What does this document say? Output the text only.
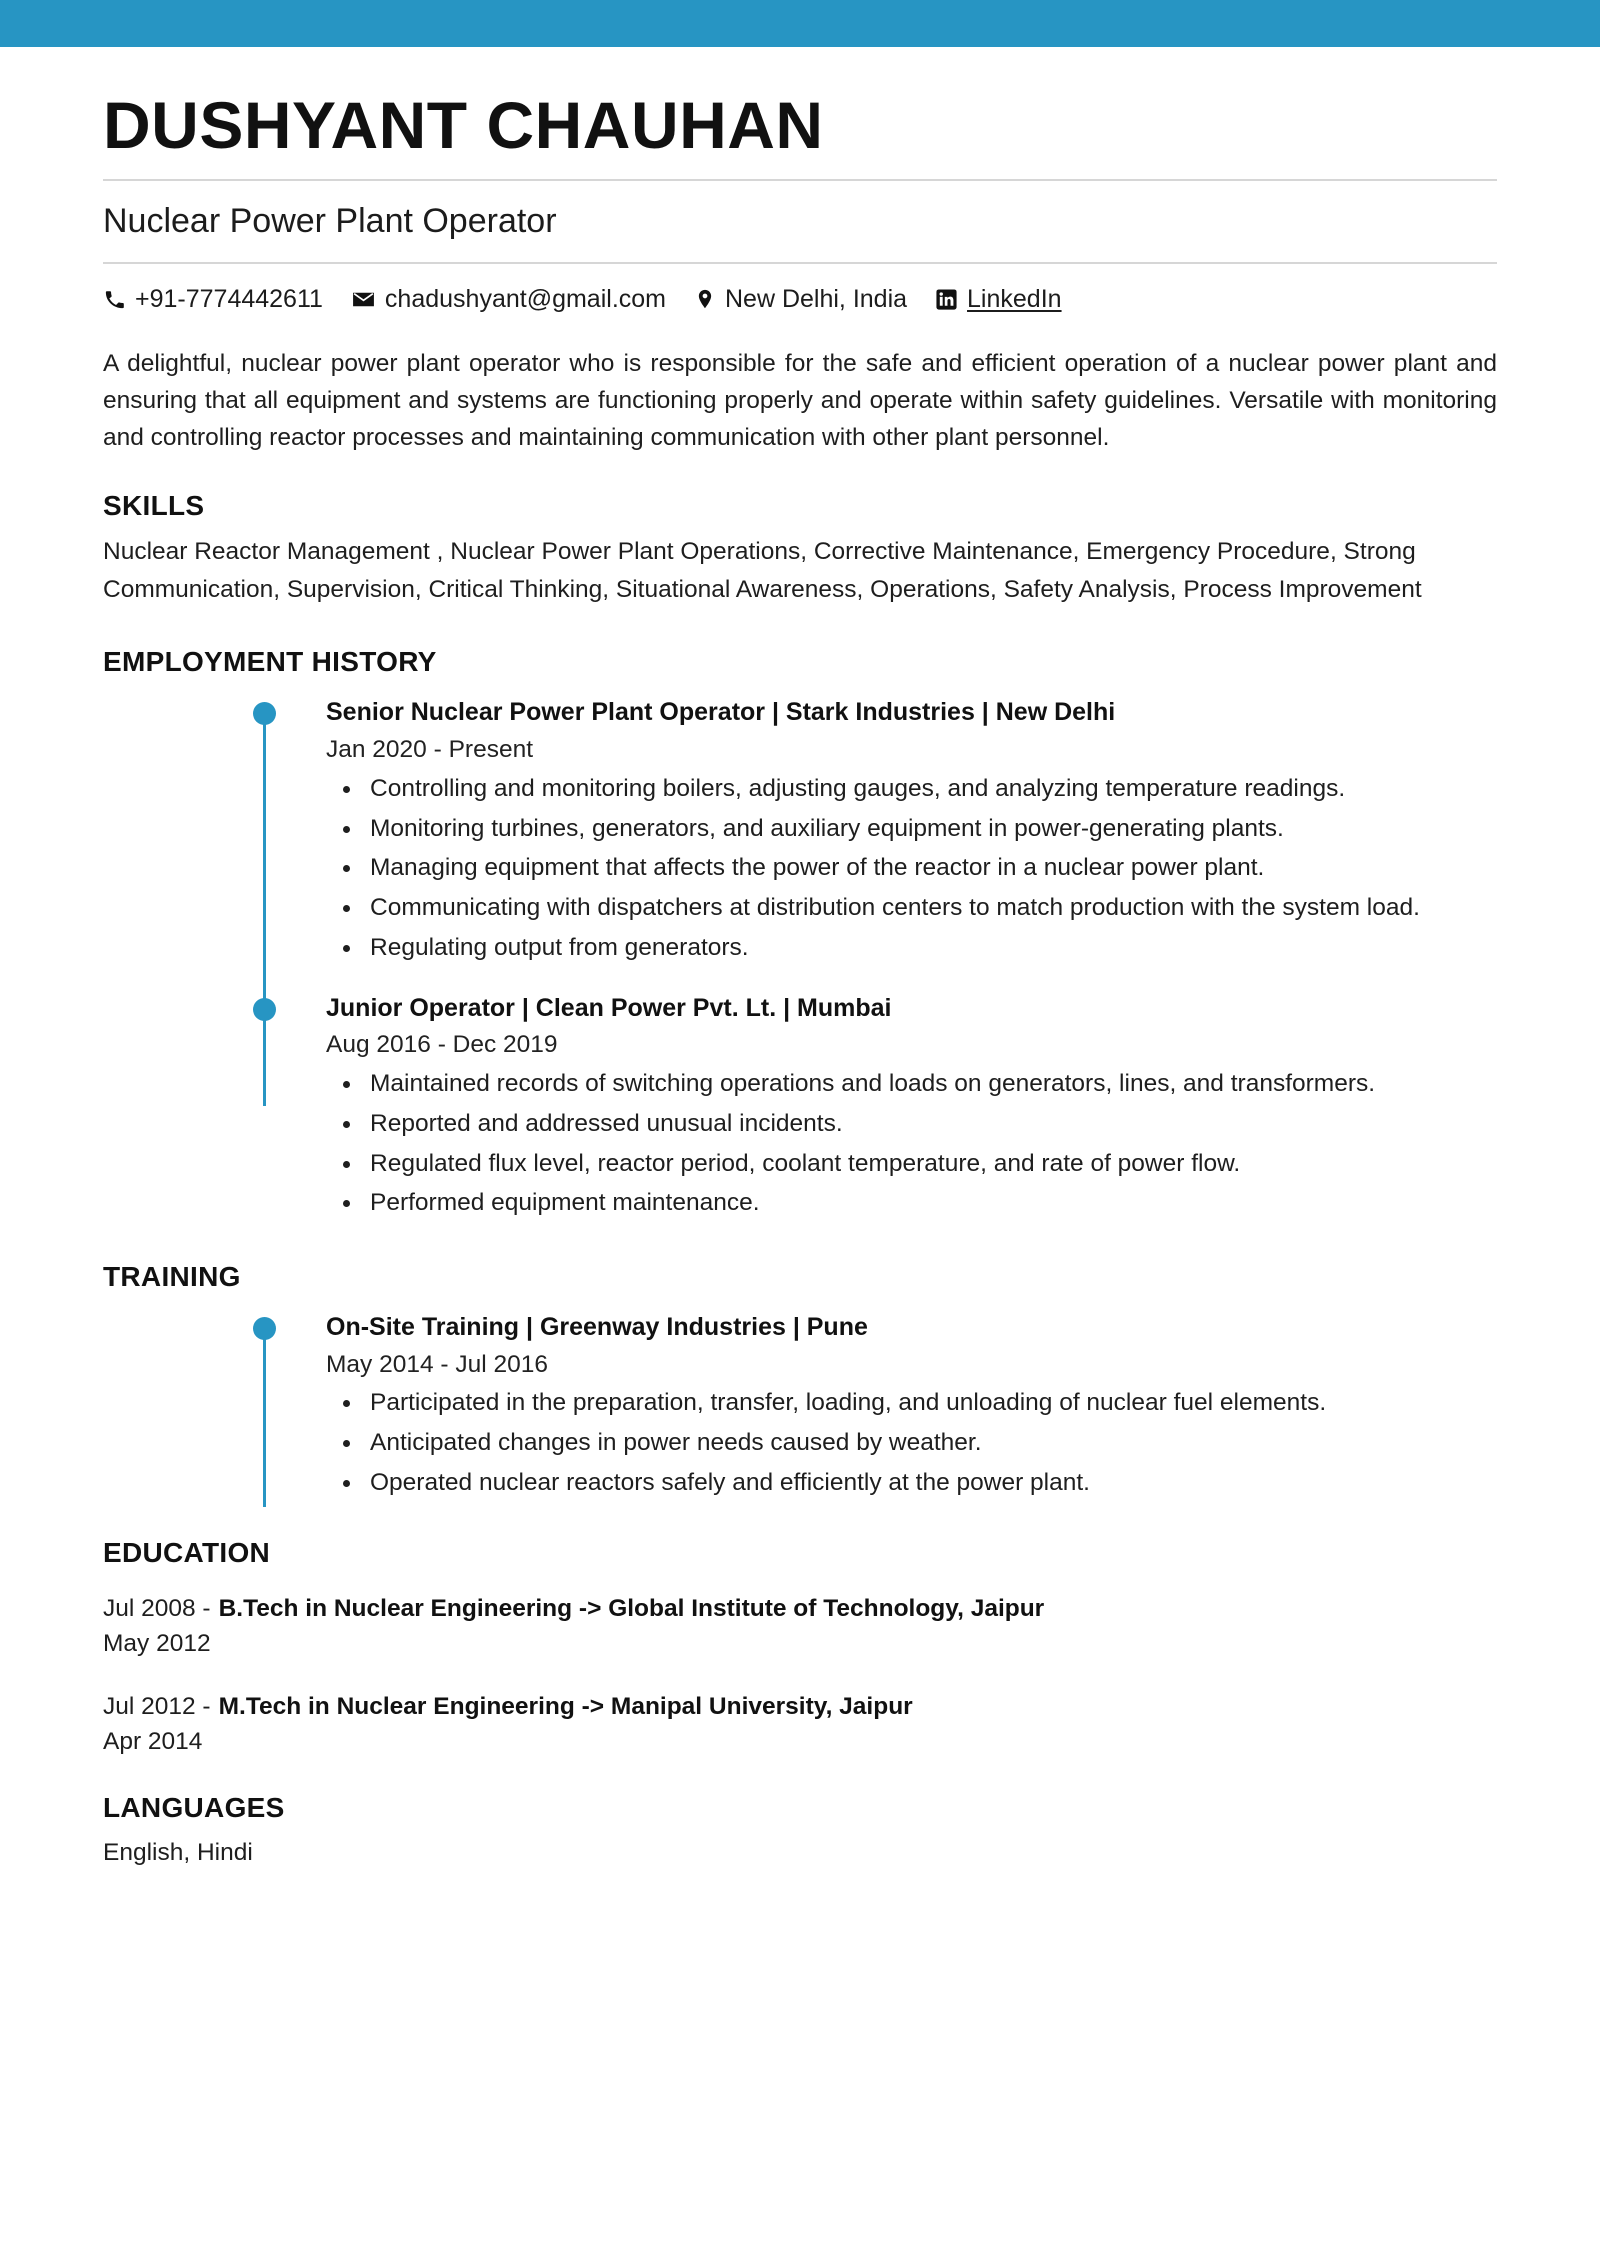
DUSHYANT CHAUHAN
Nuclear Power Plant Operator
+91-7774442611 chadushyant@gmail.com New Delhi, India LinkedIn
A delightful, nuclear power plant operator who is responsible for the safe and efficient operation of a nuclear power plant and ensuring that all equipment and systems are functioning properly and operate within safety guidelines. Versatile with monitoring and controlling reactor processes and maintaining communication with other plant personnel.
SKILLS
Nuclear Reactor Management , Nuclear Power Plant Operations, Corrective Maintenance, Emergency Procedure, Strong Communication, Supervision, Critical Thinking, Situational Awareness, Operations, Safety Analysis, Process Improvement
EMPLOYMENT HISTORY
Senior Nuclear Power Plant Operator | Stark Industries | New Delhi
Jan 2020 - Present
Controlling and monitoring boilers, adjusting gauges, and analyzing temperature readings.
Monitoring turbines, generators, and auxiliary equipment in power-generating plants.
Managing equipment that affects the power of the reactor in a nuclear power plant.
Communicating with dispatchers at distribution centers to match production with the system load.
Regulating output from generators.
Junior Operator | Clean Power Pvt. Lt. | Mumbai
Aug 2016 - Dec 2019
Maintained records of switching operations and loads on generators, lines, and transformers.
Reported and addressed unusual incidents.
Regulated flux level, reactor period, coolant temperature, and rate of power flow.
Performed equipment maintenance.
TRAINING
On-Site Training | Greenway Industries | Pune
May 2014 - Jul 2016
Participated in the preparation, transfer, loading, and unloading of nuclear fuel elements.
Anticipated changes in power needs caused by weather.
Operated nuclear reactors safely and efficiently at the power plant.
EDUCATION
Jul 2008 - B.Tech in Nuclear Engineering -> Global Institute of Technology, Jaipur
May 2012
Jul 2012 - M.Tech in Nuclear Engineering -> Manipal University, Jaipur
Apr 2014
LANGUAGES
English, Hindi
